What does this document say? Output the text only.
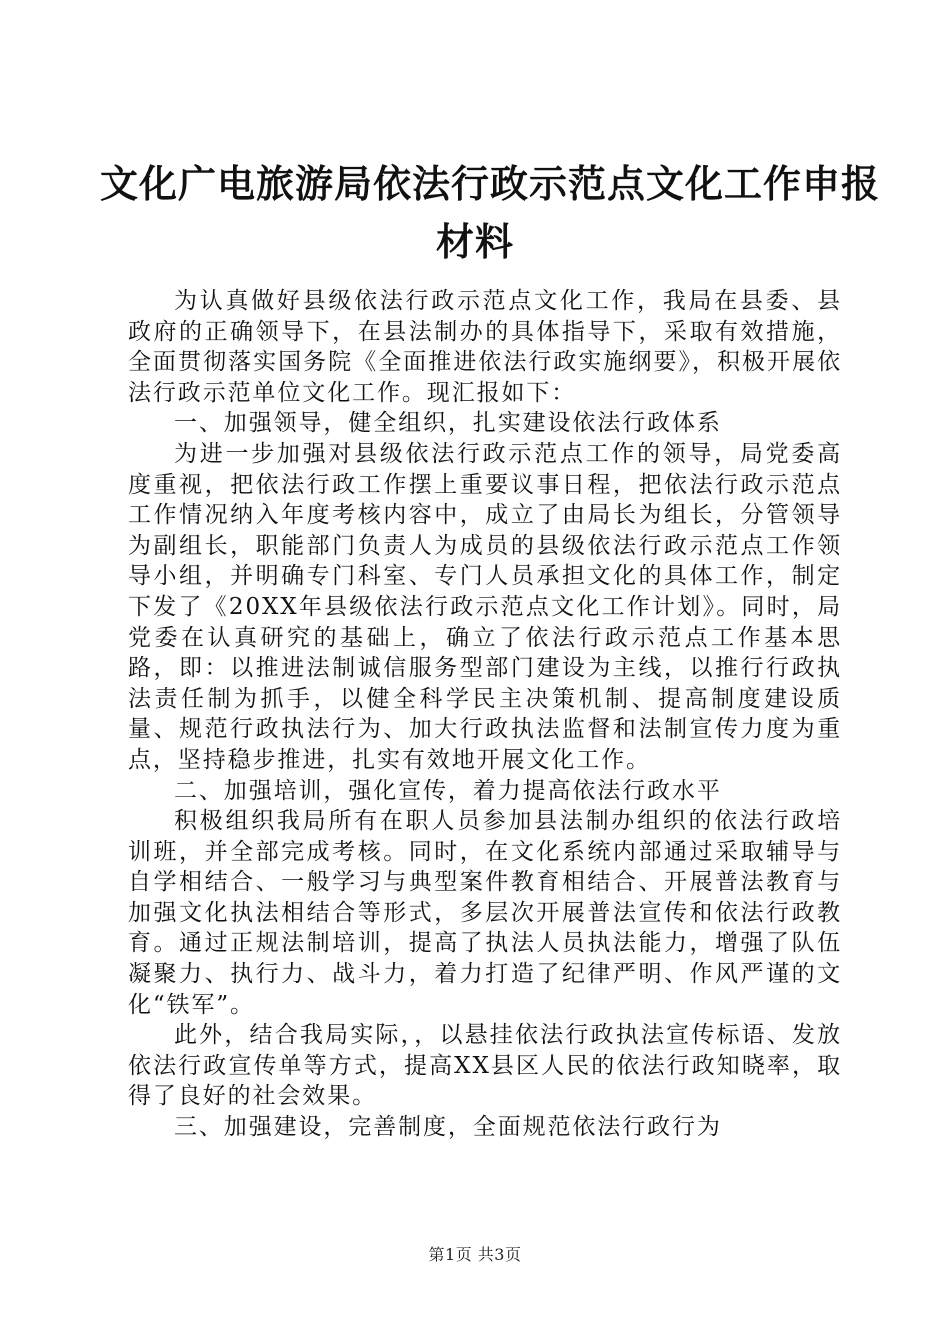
文化广电旅游局依法行政示范点文化工作申报
材料

为认真做好县级依法行政示范点文化工作，我局在县委、县政府的正确领导下，在县法制办的具体指导下，采取有效措施，全面贯彻落实国务院《全面推进依法行政实施纲要》，积极开展依法行政示范单位文化工作。现汇报如下：

一、加强领导，健全组织，扎实建设依法行政体系

为进一步加强对县级依法行政示范点工作的领导，局党委高度重视，把依法行政工作摆上重要议事日程，把依法行政示范点工作情况纳入年度考核内容中，成立了由局长为组长，分管领导为副组长，职能部门负责人为成员的县级依法行政示范点工作领导小组，并明确专门科室、专门人员承担文化的具体工作，制定下发了《20XX年县级依法行政示范点文化工作计划》。同时，局党委在认真研究的基础上，确立了依法行政示范点工作基本思路，即：以推进法制诚信服务型部门建设为主线，以推行行政执法责任制为抓手，以健全科学民主决策机制、提高制度建设质量、规范行政执法行为、加大行政执法监督和法制宣传力度为重点，坚持稳步推进，扎实有效地开展文化工作。

二、加强培训，强化宣传，着力提高依法行政水平

积极组织我局所有在职人员参加县法制办组织的依法行政培训班，并全部完成考核。同时，在文化系统内部通过采取辅导与自学相结合、一般学习与典型案件教育相结合、开展普法教育与加强文化执法相结合等形式，多层次开展普法宣传和依法行政教育。通过正规法制培训，提高了执法人员执法能力，增强了队伍凝聚力、执行力、战斗力，着力打造了纪律严明、作风严谨的文化“铁军”。

此外，结合我局实际，，以悬挂依法行政执法宣传标语、发放依法行政宣传单等方式，提高XX县区人民的依法行政知晓率，取得了良好的社会效果。

三、加强建设，完善制度，全面规范依法行政行为

第1页 共3页
